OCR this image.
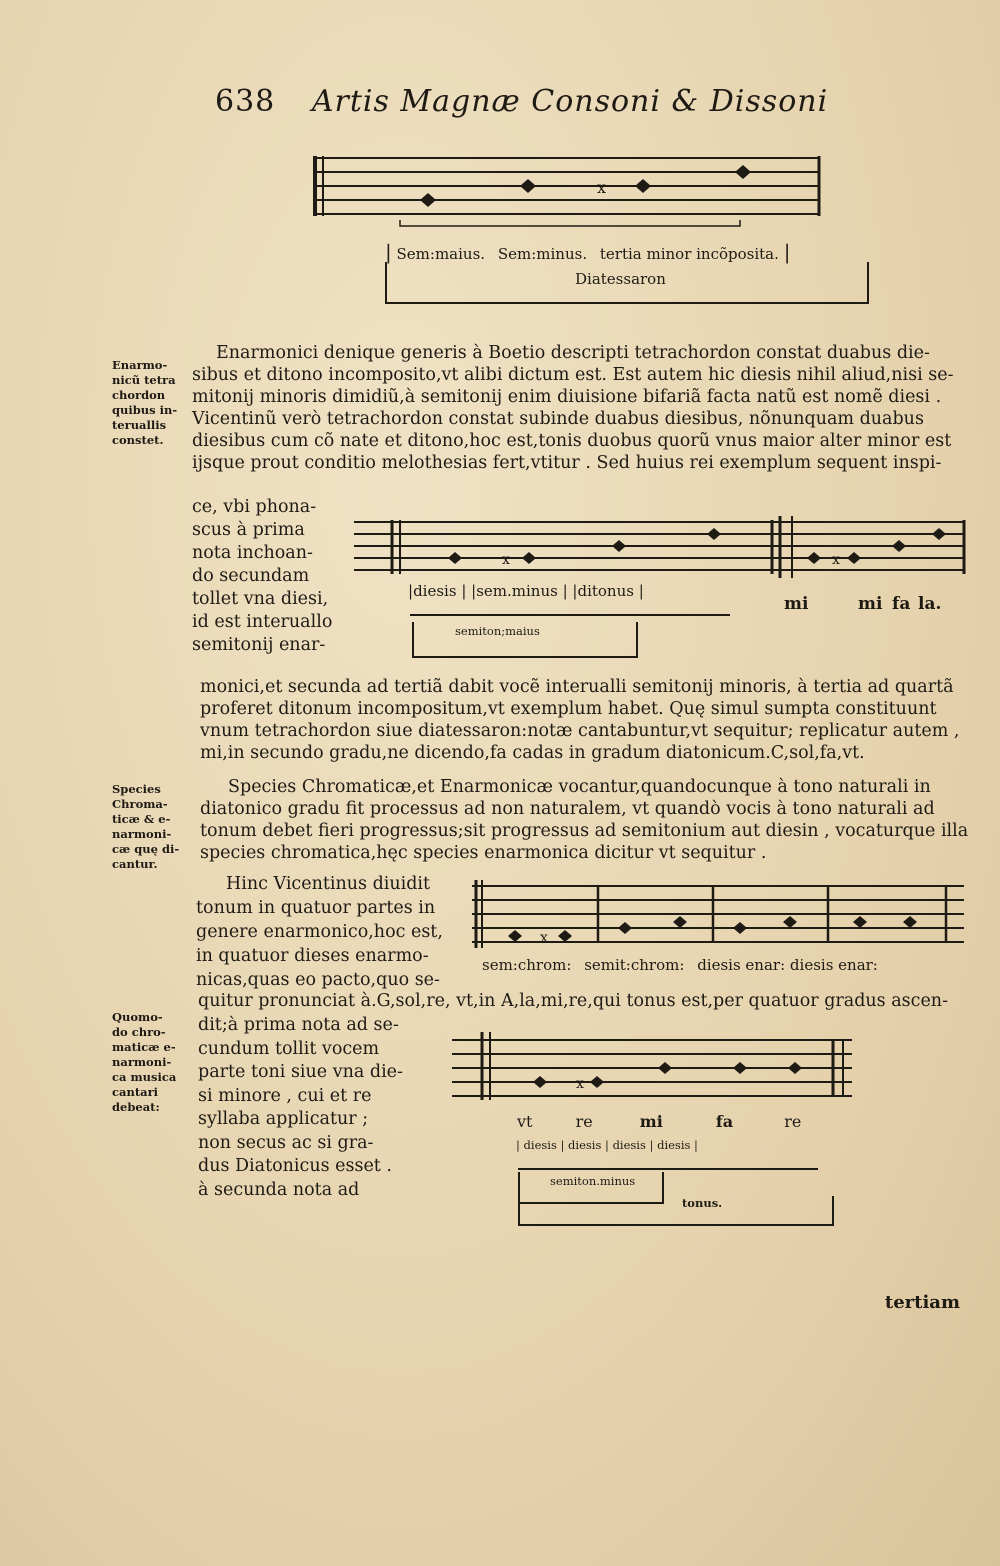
638 Artis Magnæ Consoni & Dissoni
x
| Sem:maius. Sem:minus. tertia minor incõposita. |
Diatessaron
Enarmo-
nicũ tetra
chordon
quibus in-
teruallis
constet.
Enarmonici denique generis à Boetio descripti tetrachordon constat duabus die-
sibus et ditono incomposito,vt alibi dictum est. Est autem hic diesis nihil aliud,nisi se-
mitonij minoris dimidiũ,à semitonij enim diuisione bifariã facta natũ est nomẽ diesi .
Vicentinũ verò tetrachordon constat subinde duabus diesibus, nõnunquam duabus
diesibus cum cõ nate et ditono,hoc est,tonis duobus quorũ vnus maior alter minor est
ijsque prout conditio melothesias fert,vtitur . Sed huius rei exemplum sequent inspi-
ce, vbi phona-
scus à prima
nota inchoan-
do secundam
tollet vna diesi,
id est interuallo
semitonij enar-
x	x
|diesis | |sem.minus | |ditonus |
semiton;maius
mi	mi fa la.
monici,et secunda ad tertiã dabit vocẽ interualli semitonij minoris, à tertia ad quartã
proferet ditonum incompositum,vt exemplum habet. Quę simul sumpta constituunt
vnum tetrachordon siue diatessaron:notæ cantabuntur,vt sequitur; replicatur autem ,
mi,in secundo gradu,ne dicendo,fa cadas in gradum diatonicum.C,sol,fa,vt.
Species
Chroma-
ticæ & e-
narmoni-
cæ quę di-
cantur.
Species Chromaticæ,et Enarmonicæ vocantur,quandocunque à tono naturali in
diatonico gradu fit processus ad non naturalem, vt quandò vocis à tono naturali ad
tonum debet fieri progressus;sit progressus ad semitonium aut diesin , vocaturque illa
species chromatica,hęc species enarmonica dicitur vt sequitur .
Hinc Vicentinus diuidit
tonum in quatuor partes in
genere enarmonico,hoc est,
in quatuor dieses enarmo-
nicas,quas eo pacto,quo se-
x
sem:chrom: semit:chrom: diesis enar: diesis enar:
quitur pronunciat à.G,sol,re, vt,in A,la,mi,re,qui tonus est,per quatuor gradus ascen-
Quomo-
do chro-
maticæ e-
narmoni-
ca musica
cantari
debeat:
dit;à prima nota ad se-
cundum tollit vocem
parte toni siue vna die-
si minore , cui et re
syllaba applicatur ;
non secus ac si gra-
dus Diatonicus esset .
à secunda nota ad
x
vt	re	mi	fa	re
| diesis | diesis | diesis | diesis |
semiton.minus
tonus.
tertiam
